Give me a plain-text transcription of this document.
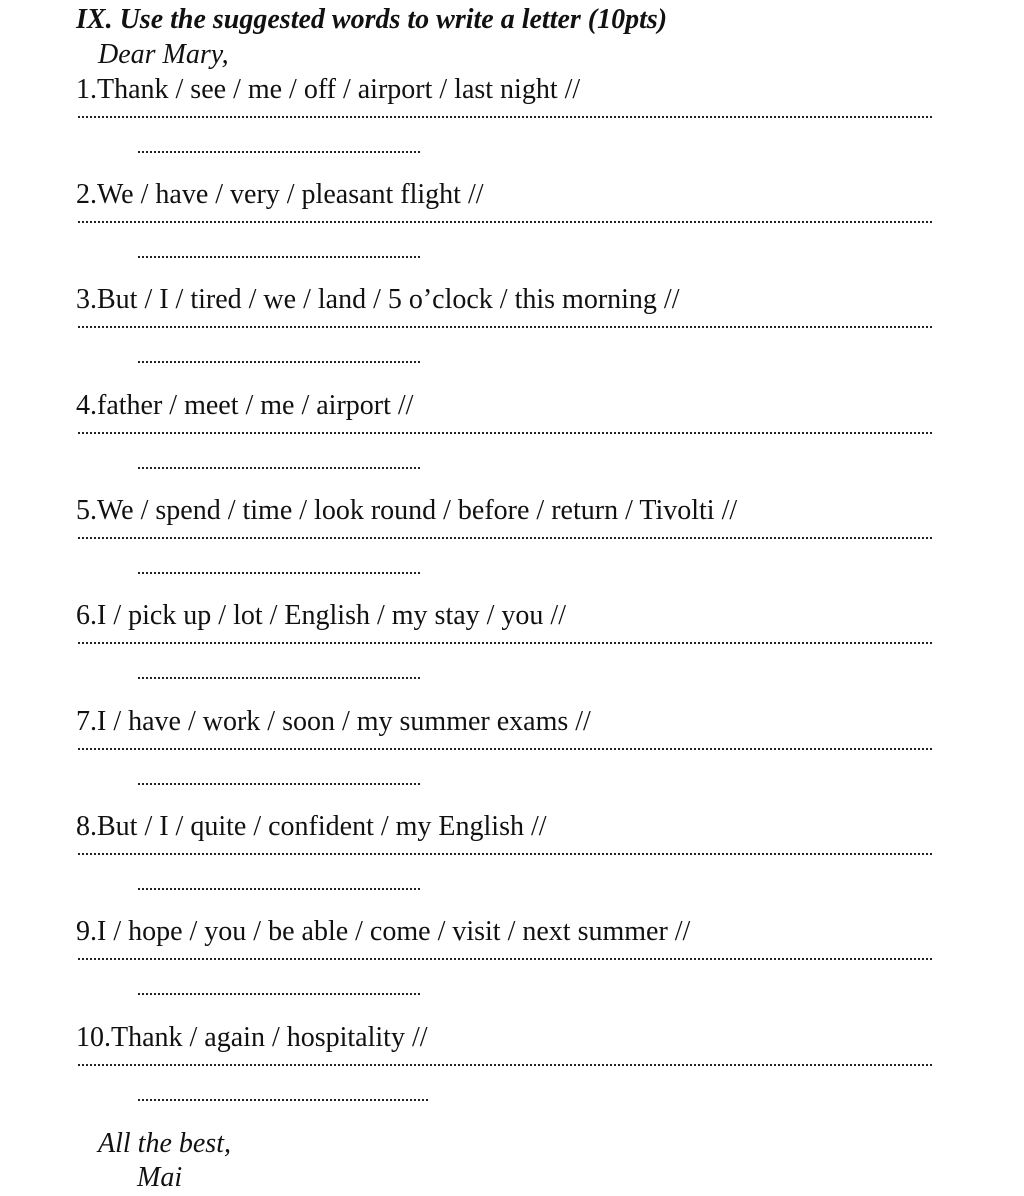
IX. Use the suggested words to write a letter (10pts)
Dear Mary,
1.Thank / see / me / off / airport / last night //
2.We / have / very / pleasant flight //
3.But / I / tired / we / land / 5 o’clock / this morning //
4.father / meet / me / airport //
5.We / spend / time / look round / before / return / Tivolti //
6.I / pick up / lot / English / my stay / you //
7.I / have / work / soon / my summer exams //
8.But / I / quite / confident / my English //
9.I / hope / you / be able / come / visit / next summer //
10.Thank / again / hospitality //
All the best,
Mai
